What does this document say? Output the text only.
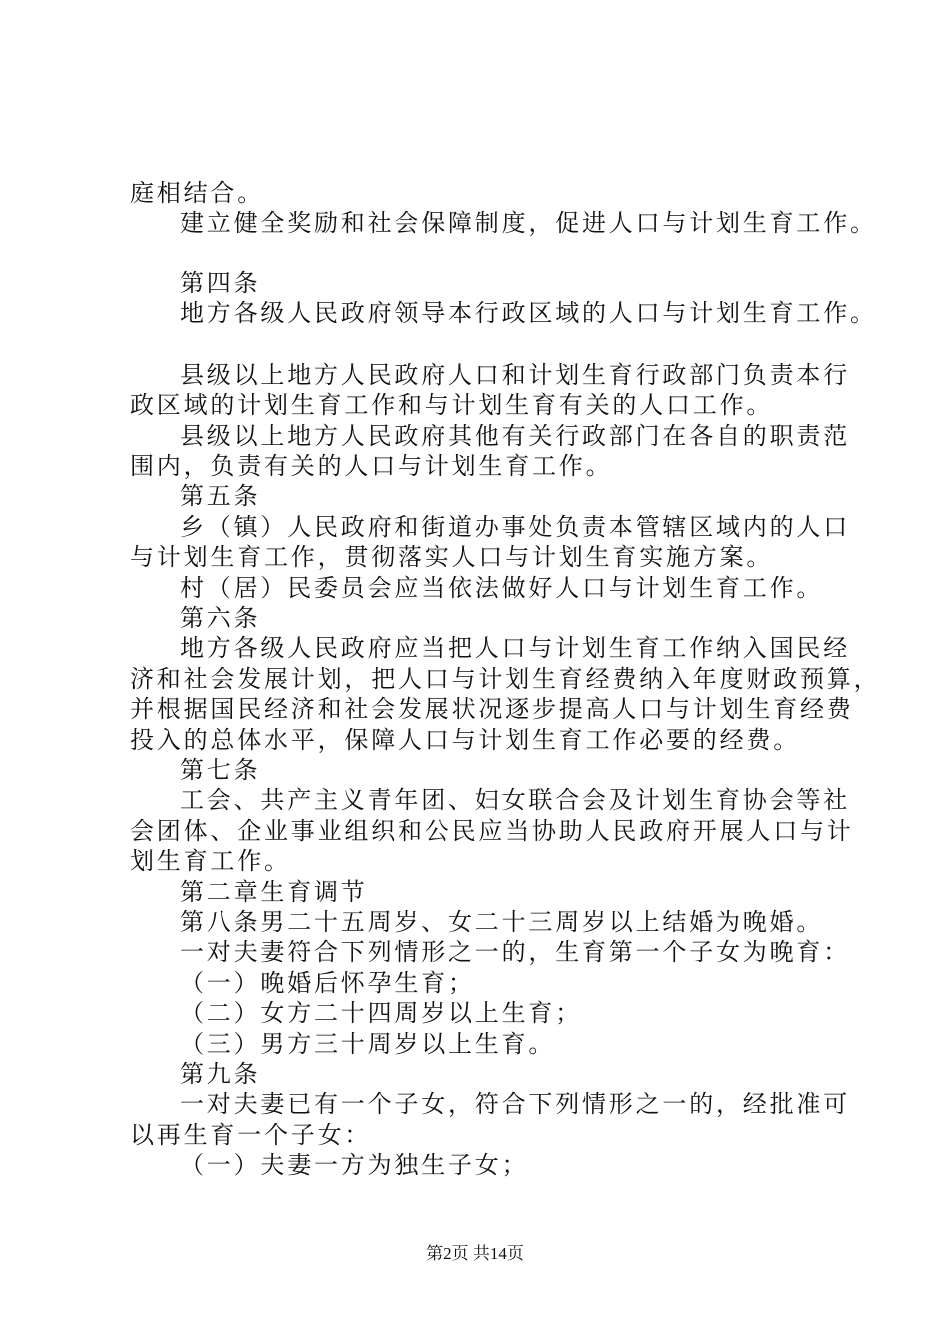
庭相结合。
建立健全奖励和社会保障制度，促进人口与计划生育工作。
第四条
地方各级人民政府领导本行政区域的人口与计划生育工作。
县级以上地方人民政府人口和计划生育行政部门负责本行
政区域的计划生育工作和与计划生育有关的人口工作。
县级以上地方人民政府其他有关行政部门在各自的职责范
围内，负责有关的人口与计划生育工作。
第五条
乡（镇）人民政府和街道办事处负责本管辖区域内的人口
与计划生育工作，贯彻落实人口与计划生育实施方案。
村（居）民委员会应当依法做好人口与计划生育工作。
第六条
地方各级人民政府应当把人口与计划生育工作纳入国民经
济和社会发展计划，把人口与计划生育经费纳入年度财政预算，
并根据国民经济和社会发展状况逐步提高人口与计划生育经费
投入的总体水平，保障人口与计划生育工作必要的经费。
第七条
工会、共产主义青年团、妇女联合会及计划生育协会等社
会团体、企业事业组织和公民应当协助人民政府开展人口与计
划生育工作。
第二章生育调节
第八条男二十五周岁、女二十三周岁以上结婚为晚婚。
一对夫妻符合下列情形之一的，生育第一个子女为晚育：
（一）晚婚后怀孕生育；
（二）女方二十四周岁以上生育；
（三）男方三十周岁以上生育。
第九条
一对夫妻已有一个子女，符合下列情形之一的，经批准可
以再生育一个子女：
（一）夫妻一方为独生子女；
第2页 共14页
